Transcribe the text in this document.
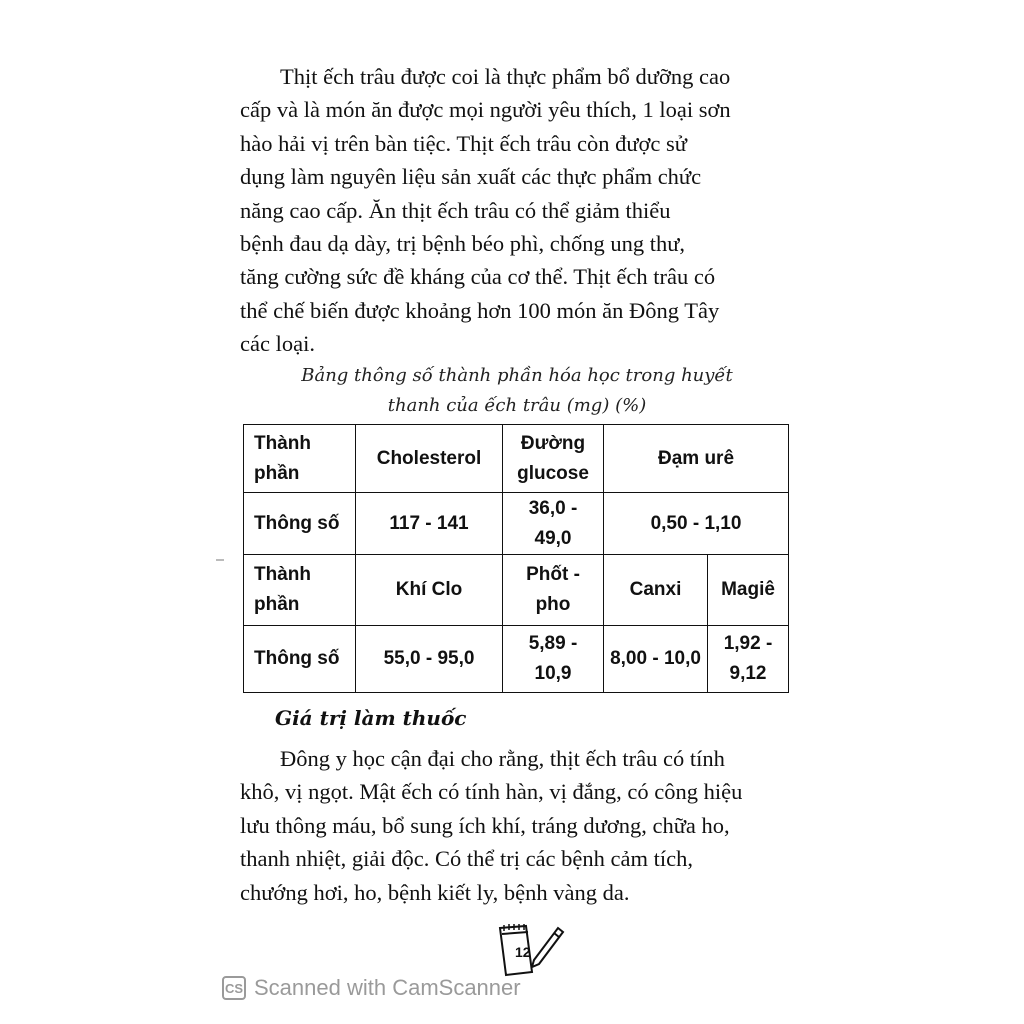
Thịt ếch trâu được coi là thực phẩm bổ dưỡng cao
cấp và là món ăn được mọi người yêu thích, 1 loại sơn
hào hải vị trên bàn tiệc. Thịt ếch trâu còn được sử
dụng làm nguyên liệu sản xuất các thực phẩm chức
năng cao cấp. Ăn thịt ếch trâu có thể giảm thiểu
bệnh đau dạ dày, trị bệnh béo phì, chống ung thư,
tăng cường sức đề kháng của cơ thể. Thịt ếch trâu có
thể chế biến được khoảng hơn 100 món ăn Đông Tây
các loại.
Bảng thông số thành phần hóa học trong huyết
thanh của ếch trâu (mg) (%)
Thành phần	Cholesterol	Đường glucose	Đạm urê	
Thông số	117 - 141	36,0 - 49,0	0,50 - 1,10	
Thành phần	Khí Clo	Phốt - pho	Canxi	Magiê
Thông số	55,0 - 95,0	5,89 - 10,9	8,00 - 10,0	1,92 - 9,12
Giá trị làm thuốc
Đông y học cận đại cho rằng, thịt ếch trâu có tính
khô, vị ngọt. Mật ếch có tính hàn, vị đắng, có công hiệu
lưu thông máu, bổ sung ích khí, tráng dương, chữa ho,
thanh nhiệt, giải độc. Có thể trị các bệnh cảm tích,
chướng hơi, ho, bệnh kiết ly, bệnh vàng da.
12
CS Scanned with CamScanner
